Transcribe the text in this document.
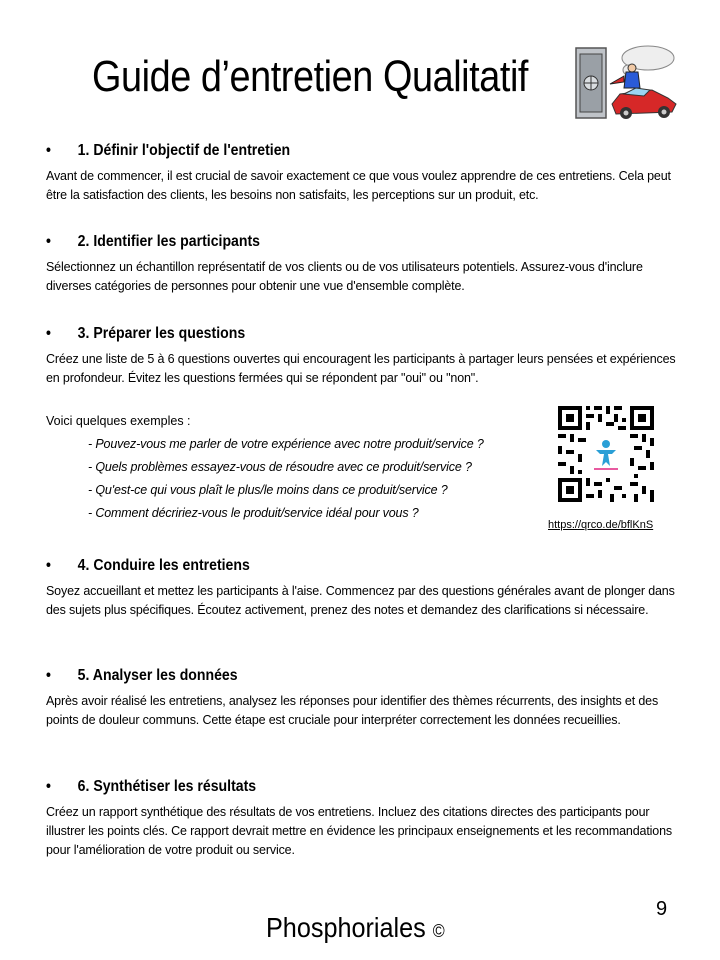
Guide d’entretien Qualitatif
• 1. Définir l'objectif de l'entretien
Avant de commencer, il est crucial de savoir exactement ce que vous voulez apprendre de ces entretiens. Cela peut être la satisfaction des clients, les besoins non satisfaits, les perceptions sur un produit, etc.
• 2. Identifier les participants
Sélectionnez un échantillon représentatif de vos clients ou de vos utilisateurs potentiels. Assurez-vous d'inclure diverses catégories de personnes pour obtenir une vue d'ensemble complète.
• 3. Préparer les questions
Créez une liste de 5 à 6 questions ouvertes qui encouragent les participants à partager leurs pensées et expériences en profondeur. Évitez les questions fermées qui se répondent par "oui" ou "non".
Voici quelques exemples :
- Pouvez-vous me parler de votre expérience avec notre produit/service ?
- Quels problèmes essayez-vous de résoudre avec ce produit/service ?
- Qu'est-ce qui vous plaît le plus/le moins dans ce produit/service ?
- Comment décririez-vous le produit/service idéal pour vous ?
https://qrco.de/bflKnS
• 4. Conduire les entretiens
Soyez accueillant et mettez les participants à l'aise. Commencez par des questions générales avant de plonger dans des sujets plus spécifiques. Écoutez activement, prenez des notes et demandez des clarifications si nécessaire.
• 5. Analyser les données
Après avoir réalisé les entretiens, analysez les réponses pour identifier des thèmes récurrents, des insights et des points de douleur communs. Cette étape est cruciale pour interpréter correctement les données recueillies.
• 6. Synthétiser les résultats
Créez un rapport synthétique des résultats de vos entretiens. Incluez des citations directes des participants pour illustrer les points clés. Ce rapport devrait mettre en évidence les principaux enseignements et les recommandations pour l'amélioration de votre produit ou service.
9
Phosphoriales ©
